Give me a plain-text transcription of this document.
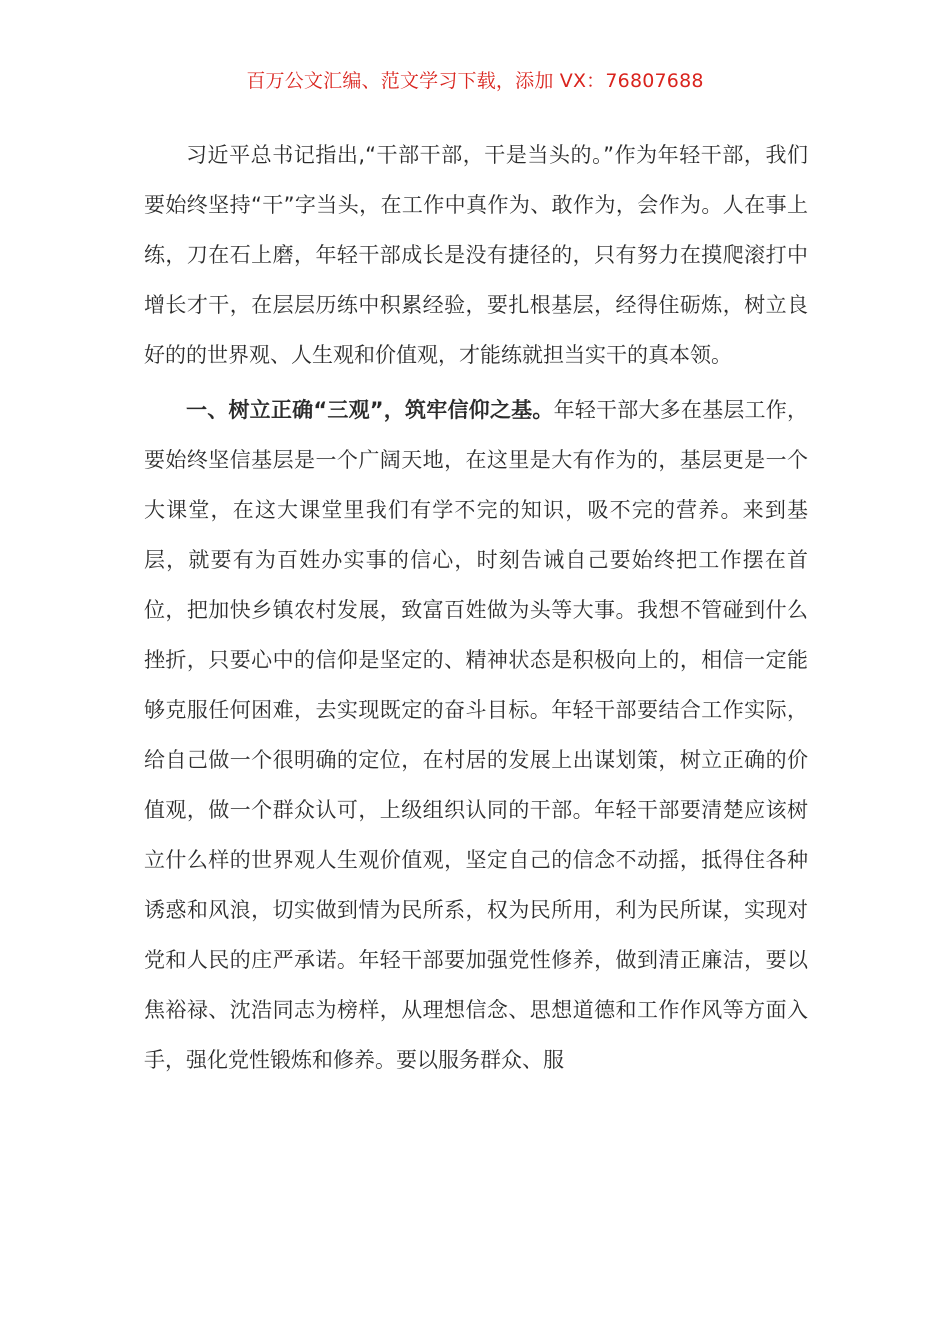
百万公文汇编、范文学习下载，添加 VX：76807688

习近平总书记指出,“干部干部，干是当头的。”作为年轻干部，我们要始终坚持“干”字当头，在工作中真作为、敢作为，会作为。人在事上练，刀在石上磨，年轻干部成长是没有捷径的，只有努力在摸爬滚打中增长才干，在层层历练中积累经验，要扎根基层，经得住砺炼，树立良好的的世界观、人生观和价值观，才能练就担当实干的真本领。

一、树立正确“三观”，筑牢信仰之基。年轻干部大多在基层工作，要始终坚信基层是一个广阔天地，在这里是大有作为的，基层更是一个大课堂，在这大课堂里我们有学不完的知识，吸不完的营养。来到基层，就要有为百姓办实事的信心，时刻告诫自己要始终把工作摆在首位，把加快乡镇农村发展，致富百姓做为头等大事。我想不管碰到什么挫折，只要心中的信仰是坚定的、精神状态是积极向上的，相信一定能够克服任何困难，去实现既定的奋斗目标。年轻干部要结合工作实际，给自己做一个很明确的定位，在村居的发展上出谋划策，树立正确的价值观，做一个群众认可，上级组织认同的干部。年轻干部要清楚应该树立什么样的世界观人生观价值观，坚定自己的信念不动摇，抵得住各种诱惑和风浪，切实做到情为民所系，权为民所用，利为民所谋，实现对党和人民的庄严承诺。年轻干部要加强党性修养，做到清正廉洁，要以焦裕禄、沈浩同志为榜样，从理想信念、思想道德和工作作风等方面入手，强化党性锻炼和修养。要以服务群众、服
